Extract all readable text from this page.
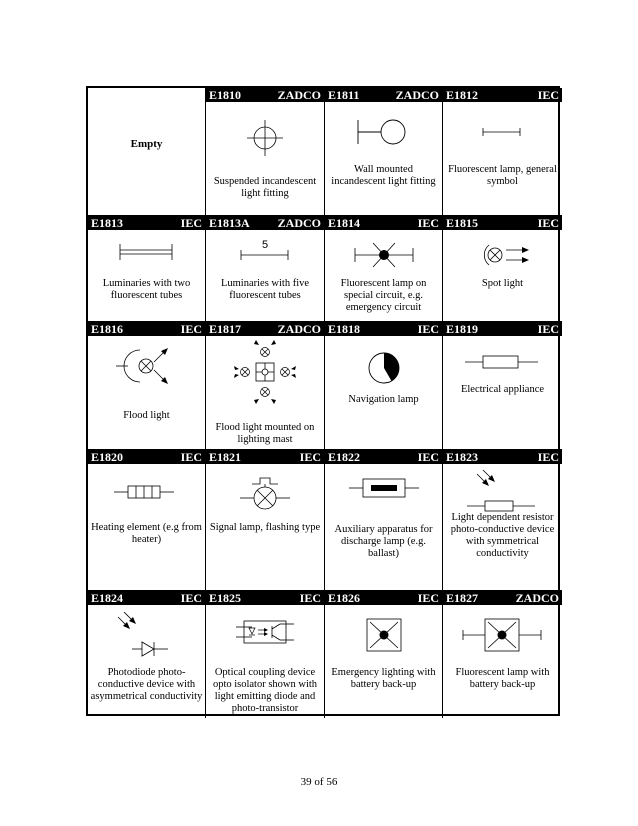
Empty
E1810	ZADCO
Suspended incandescent light fitting
E1811	ZADCO
Wall mounted incandescent light fitting
E1812	IEC
Fluorescent lamp, general symbol
E1813	IEC
Luminaries with two fluorescent tubes
E1813A ZADCO
5
Luminaries with five fluorescent tubes
E1814	IEC
Fluorescent lamp on special circuit, e.g. emergency circuit
E1815	IEC
Spot light
E1816	IEC
Flood light
E1817	ZADCO
Flood light mounted on lighting mast
E1818	IEC
Navigation lamp
E1819	IEC
Electrical appliance
E1820	IEC
Heating element (e.g from heater)
E1821	IEC
Signal lamp, flashing type
E1822	IEC
Auxiliary apparatus for discharge lamp (e.g. ballast)
E1823	IEC
Light dependent resistor photo-conductive device with symmetrical conductivity
E1824	IEC
Photodiode photo-conductive device with asymmetrical conductivity
E1825	IEC
Optical coupling device opto isolator shown with light emitting diode and photo-transistor
E1826	IEC
Emergency lighting with battery back-up
E1827	ZADCO
Fluorescent lamp with battery back-up
39 of 56
